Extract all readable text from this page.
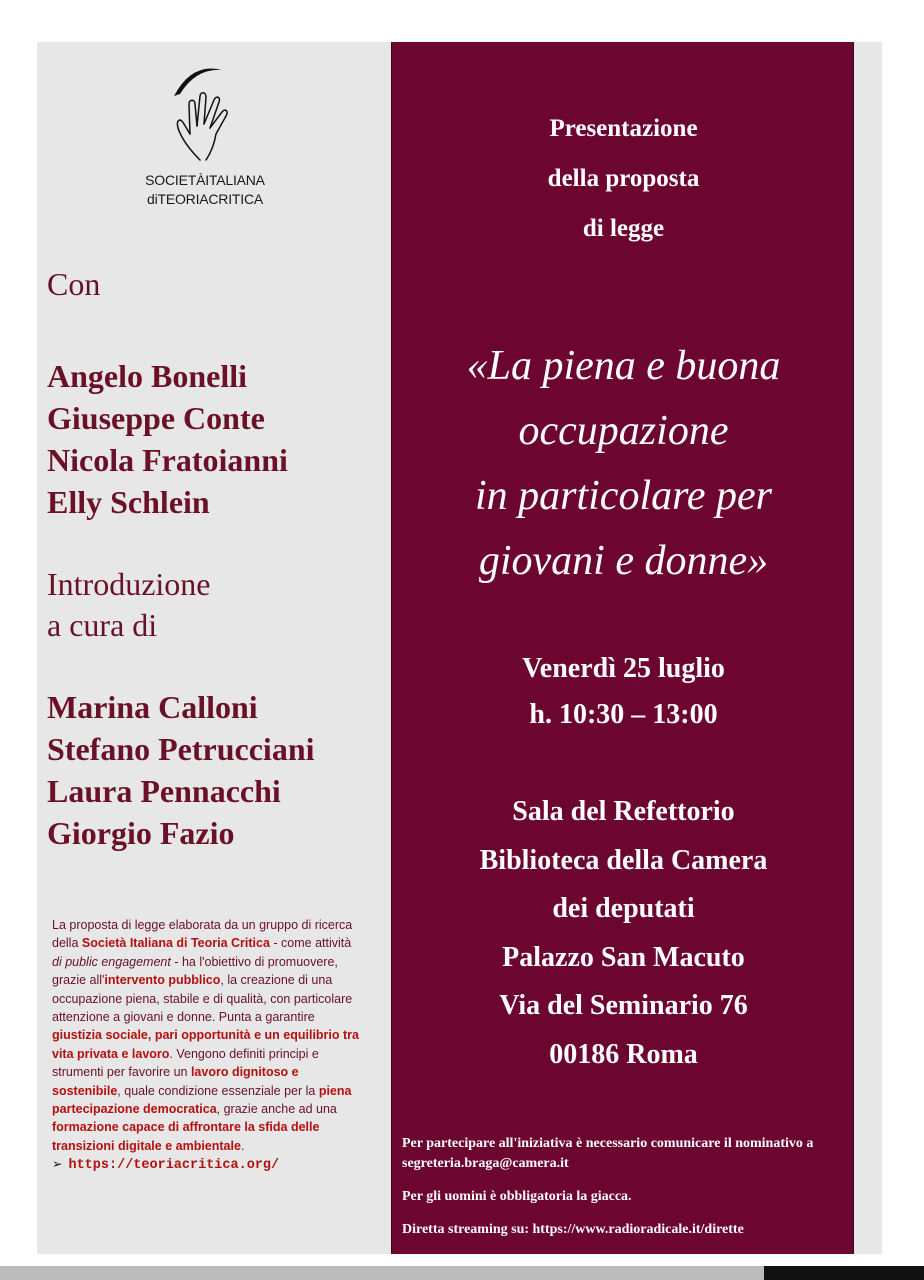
SOCIETÀITALIANA
diTEORIACRITICA
Con
Angelo Bonelli
Giuseppe Conte
Nicola Fratoianni
Elly Schlein
Introduzione
a cura di
Marina Calloni
Stefano Petrucciani
Laura Pennacchi
Giorgio Fazio
La proposta di legge elaborata da un gruppo di ricerca della Società Italiana di Teoria Critica - come attività di public engagement - ha l'obiettivo di promuovere, grazie all'intervento pubblico, la creazione di una occupazione piena, stabile e di qualità, con particolare attenzione a giovani e donne. Punta a garantire giustizia sociale, pari opportunità e un equilibrio tra vita privata e lavoro. Vengono definiti principi e strumenti per favorire un lavoro dignitoso e sostenibile, quale condizione essenziale per la piena partecipazione democratica, grazie anche ad una formazione capace di affrontare la sfida delle transizioni digitale e ambientale.
➢ https://teoriacritica.org/
Presentazione
della proposta
di legge
«La piena e buona
occupazione
in particolare per
giovani e donne»
Venerdì 25 luglio
h. 10:30 – 13:00
Sala del Refettorio
Biblioteca della Camera
dei deputati
Palazzo San Macuto
Via del Seminario 76
00186 Roma

Per partecipare all'iniziativa è necessario comunicare il nominativo a segreteria.braga@camera.it

Per gli uomini è obbligatoria la giacca.

Diretta streaming su: https://www.radioradicale.it/dirette
